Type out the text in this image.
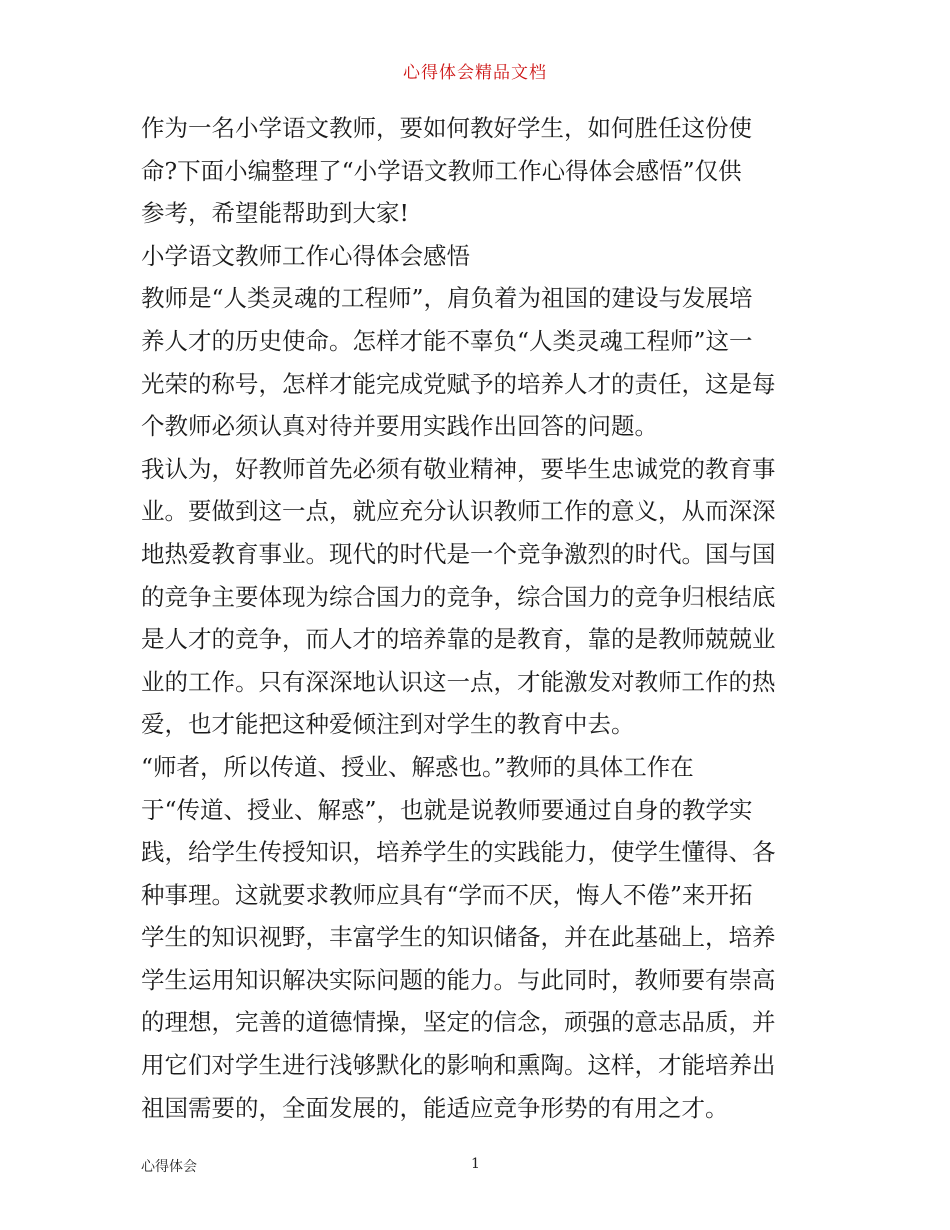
心得体会精品文档
作为一名小学语文教师，要如何教好学生，如何胜任这份使
命?下面小编整理了“小学语文教师工作心得体会感悟”仅供
参考，希望能帮助到大家!
小学语文教师工作心得体会感悟
教师是“人类灵魂的工程师”，肩负着为祖国的建设与发展培
养人才的历史使命。怎样才能不辜负“人类灵魂工程师”这一
光荣的称号，怎样才能完成党赋予的培养人才的责任，这是每
个教师必须认真对待并要用实践作出回答的问题。
我认为，好教师首先必须有敬业精神，要毕生忠诚党的教育事
业。要做到这一点，就应充分认识教师工作的意义，从而深深
地热爱教育事业。现代的时代是一个竞争激烈的时代。国与国
的竞争主要体现为综合国力的竞争，综合国力的竞争归根结底
是人才的竞争，而人才的培养靠的是教育，靠的是教师兢兢业
业的工作。只有深深地认识这一点，才能激发对教师工作的热
爱，也才能把这种爱倾注到对学生的教育中去。
“师者，所以传道、授业、解惑也。”教师的具体工作在
于“传道、授业、解惑”，也就是说教师要通过自身的教学实
践，给学生传授知识，培养学生的实践能力，使学生懂得、各
种事理。这就要求教师应具有“学而不厌，悔人不倦”来开拓
学生的知识视野，丰富学生的知识储备，并在此基础上，培养
学生运用知识解决实际问题的能力。与此同时，教师要有崇高
的理想，完善的道德情操，坚定的信念，顽强的意志品质，并
用它们对学生进行浅够默化的影响和熏陶。这样，才能培养出
祖国需要的，全面发展的，能适应竞争形势的有用之才。
心得体会	1
